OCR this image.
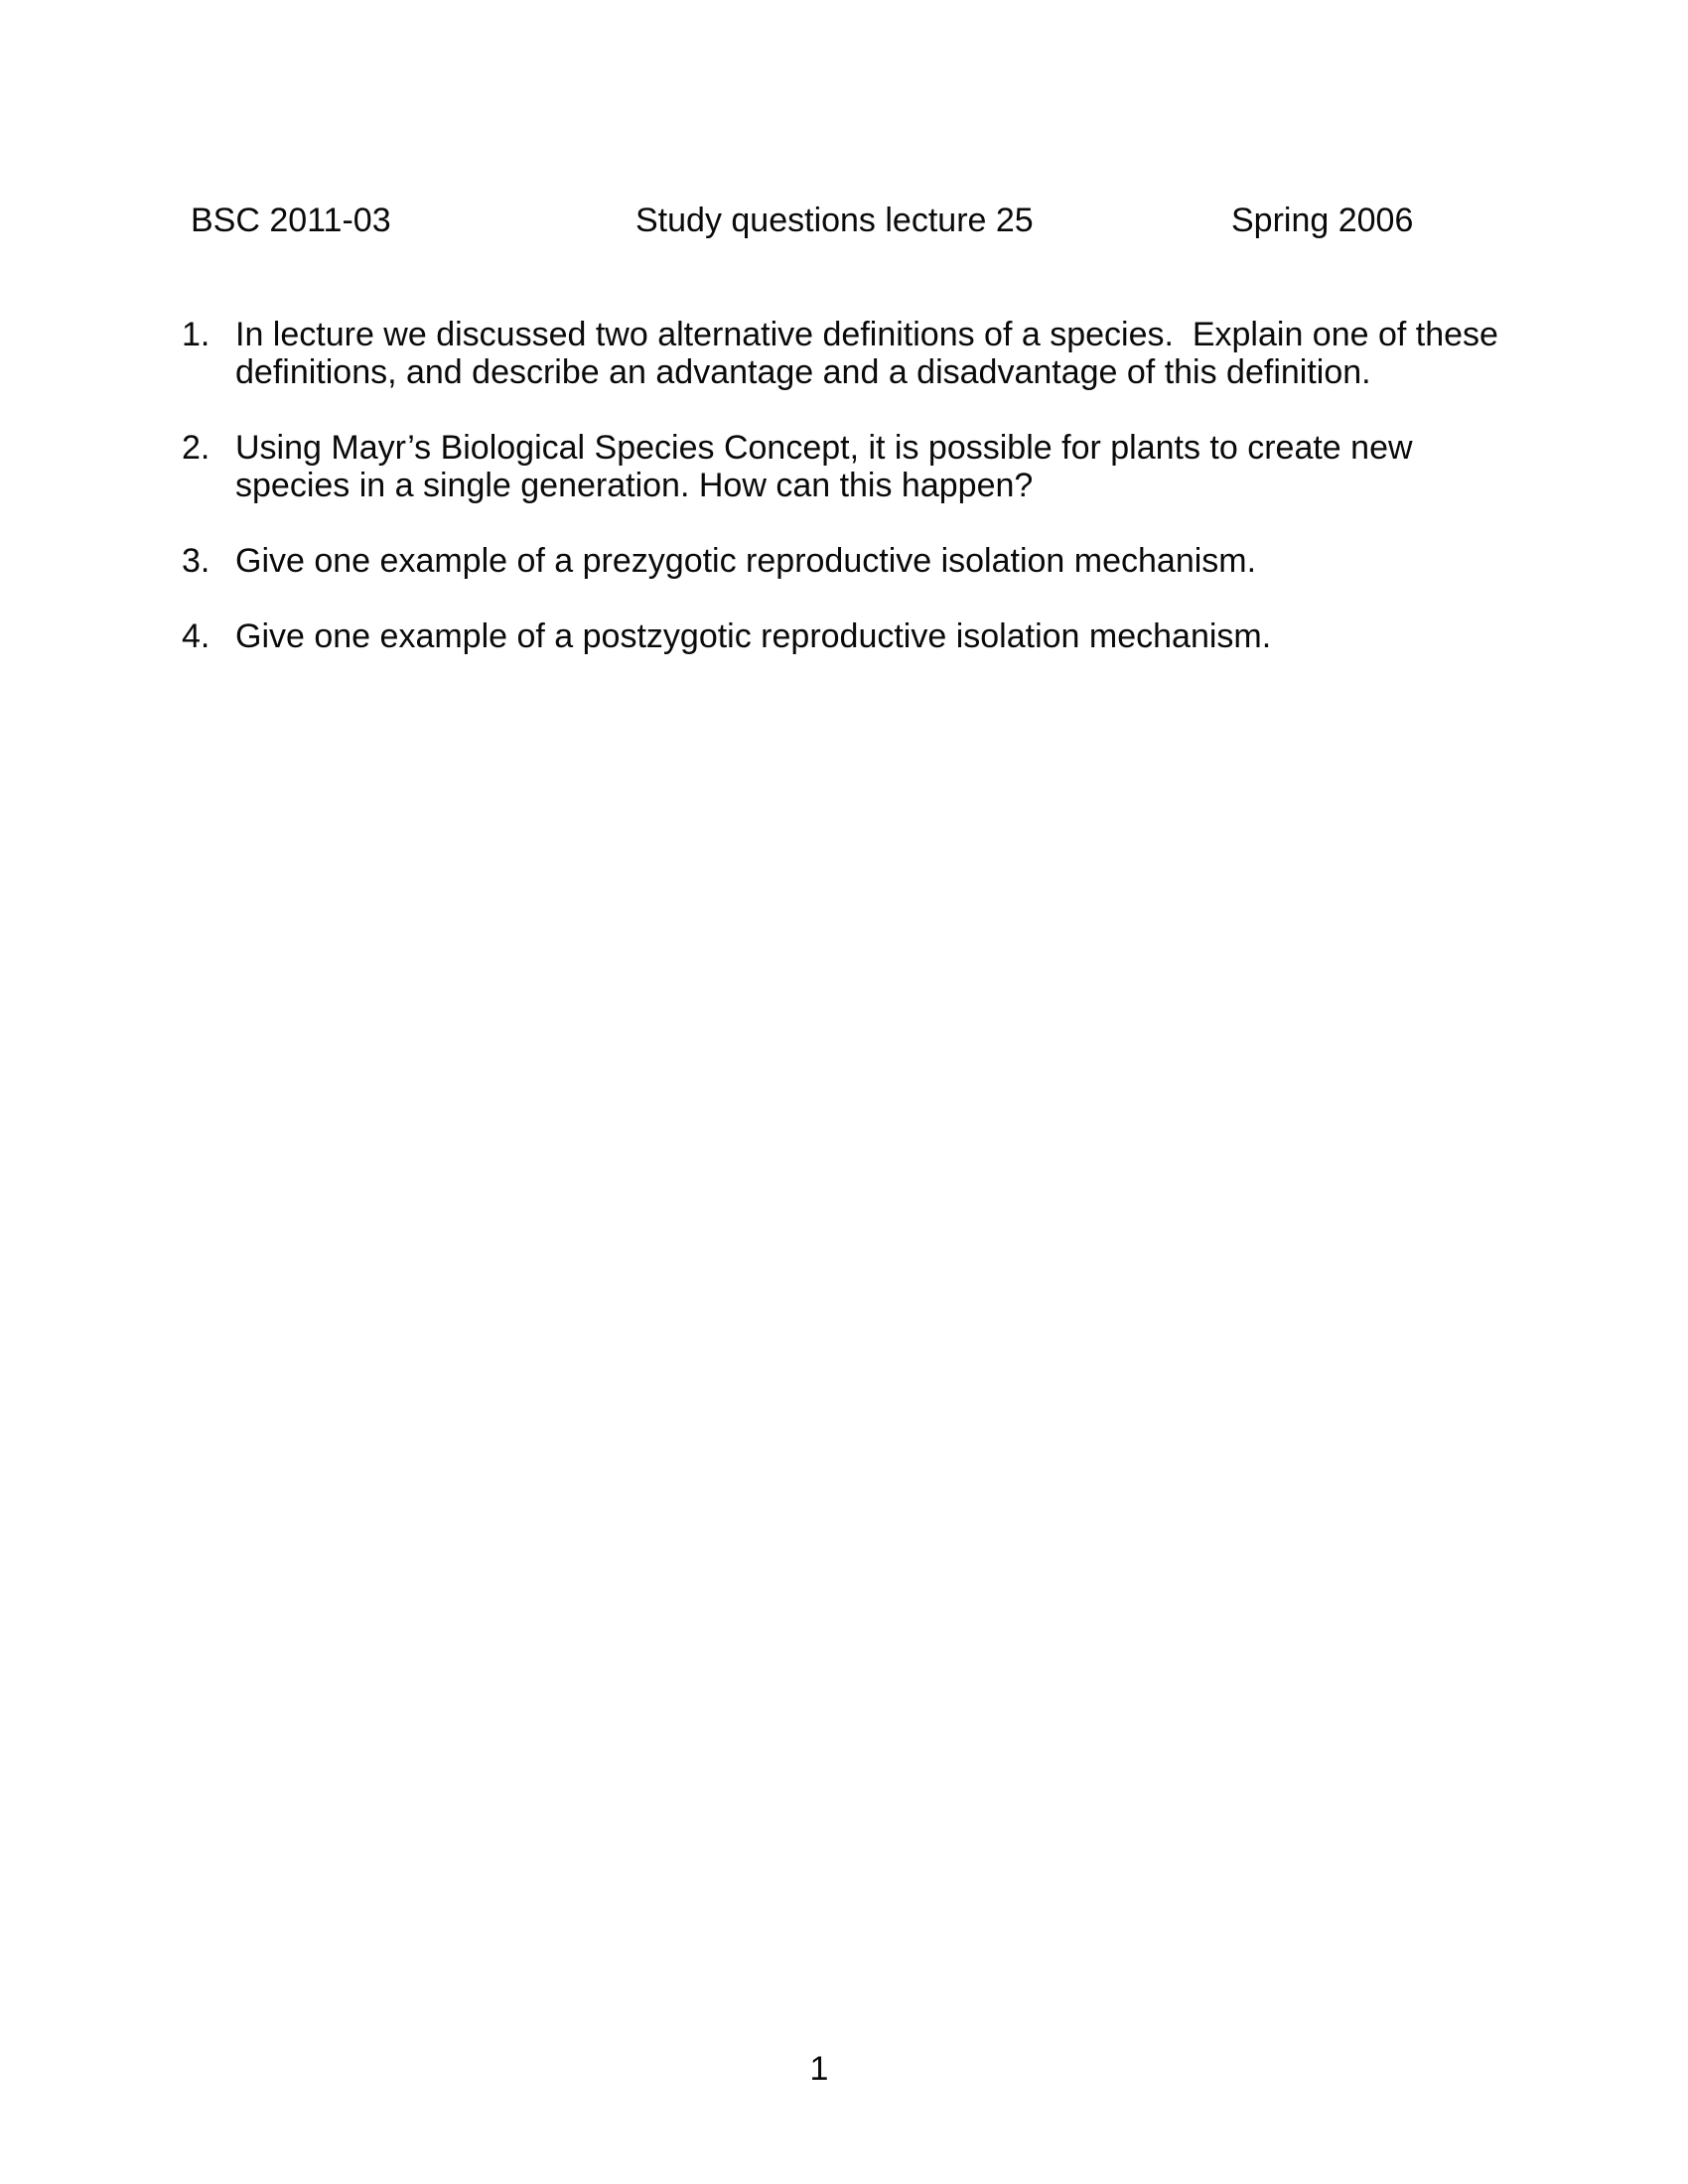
BSC 2011-03	Study questions lecture 25	Spring 2006
1. In lecture we discussed two alternative definitions of a species.  Explain one of these
definitions, and describe an advantage and a disadvantage of this definition.
2. Using Mayr’s Biological Species Concept, it is possible for plants to create new
species in a single generation. How can this happen?
3. Give one example of a prezygotic reproductive isolation mechanism.
4. Give one example of a postzygotic reproductive isolation mechanism.
1
